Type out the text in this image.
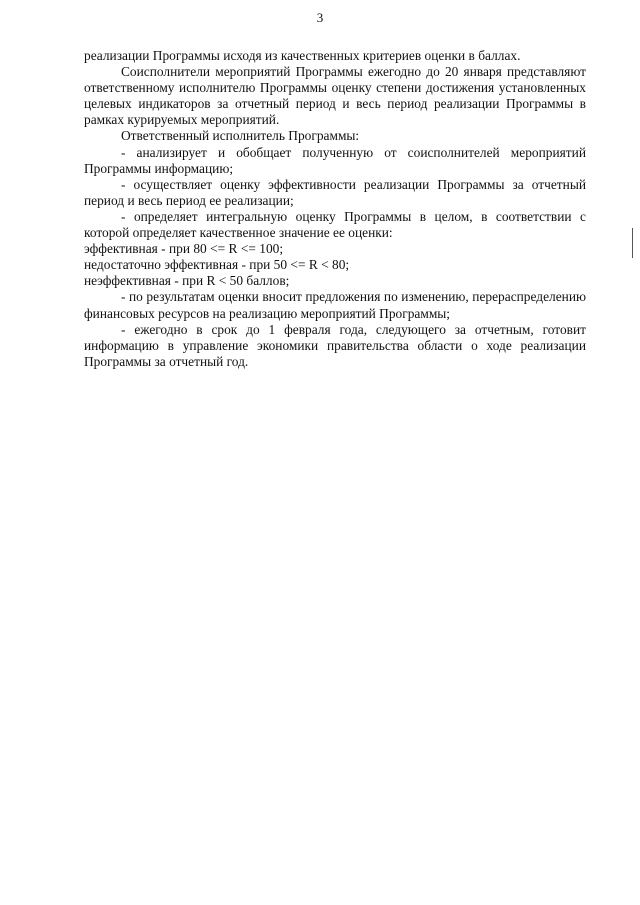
3

реализации Программы исходя из качественных критериев оценки в баллах.

Соисполнители мероприятий Программы ежегодно до 20 января представляют ответственному исполнителю Программы оценку степени достижения установленных целевых индикаторов за отчетный период и весь период реализации Программы в рамках курируемых мероприятий.

Ответственный исполнитель Программы:

- анализирует и обобщает полученную от соисполнителей мероприятий Программы информацию;

- осуществляет оценку эффективности реализации Программы за отчетный период и весь период ее реализации;

- определяет интегральную оценку Программы в целом, в соответствии с которой определяет качественное значение ее оценки:

эффективная - при 80 <= R <= 100;

недостаточно эффективная - при 50 <= R < 80;

неэффективная - при R < 50 баллов;

- по результатам оценки вносит предложения по изменению, перераспределению финансовых ресурсов на реализацию мероприятий Программы;

- ежегодно в срок до 1 февраля года, следующего за отчетным, готовит информацию в управление экономики правительства области о ходе реализации Программы за отчетный год.
